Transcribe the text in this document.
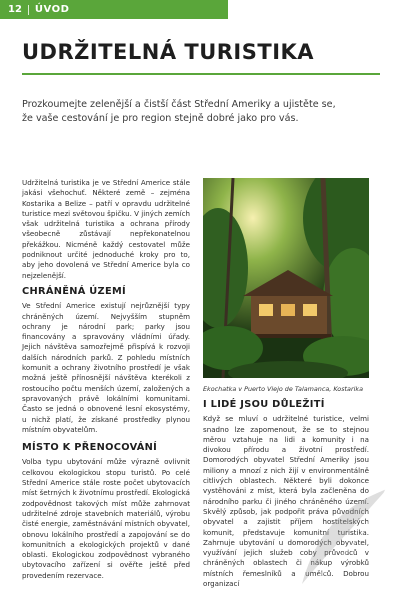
12 ÚVOD
UDRŽITELNÁ TURISTIKA

Prozkoumejte zelenější a čistší část Střední Ameriky a ujistěte se, že vaše cestování je pro region stejně dobré jako pro vás.

Udržitelná turistika je ve Střední Americe stále jakási všehochuť. Některé země – zejména Kostarika a Belize – patří v opravdu udržitelné turistice mezi světovou špičku. V jiných zemích však udržitelná turistika a ochrana přírody všeobecně zůstávají nepřekonatelnou překážkou. Nicméně každý cestovatel může podniknout určité jednoduché kroky pro to, aby jeho dovolená ve Střední Americe byla co nejzelenější.

CHRÁNĚNÁ ÚZEMÍ

Ve Střední Americe existují nejrůznější typy chráněných území. Nejvyšším stupněm ochrany je národní park; parky jsou financovány a spravovány vládními úřady. Jejich návštěva samozřejmě přispívá k rozvoji dalších národních parků. Z pohledu místních komunit a ochrany životního prostředí je však možná ještě přínosnější návštěva kterékoli z rostoucího počtu menších území, založených a spravovaných právě lokálními komunitami. Často se jedná o obnovené lesní ekosystémy, u nichž platí, že získané prostředky plynou místním obyvatelům.

MÍSTO K PŘENOCOVÁNÍ

Volba typu ubytování může výrazně ovlivnit celkovou ekologickou stopu turistů. Po celé Střední Americe stále roste počet ubytovacích míst šetrných k životnímu prostředí. Ekologická zodpovědnost takových míst může zahrnovat udržitelné zdroje stavebních materiálů, výrobu čisté energie, zaměstnávání místních obyvatel, obnovu lokálního prostředí a zapojování se do komunitních a ekologických projektů v dané oblasti. Ekologickou zodpovědnost vybraného ubytovacího zařízení si ověřte ještě před provedením rezervace.

Ekochatka v Puerto Viejo de Talamanca, Kostarika
I LIDÉ JSOU DŮLEŽITÍ

Když se mluví o udržitelné turistice, velmi snadno lze zapomenout, že se to stejnou měrou vztahuje na lidi a komunity i na divokou přírodu a životní prostředí. Domorodých obyvatel Střední Ameriky jsou miliony a mnozí z nich žijí v environmentálně citlivých oblastech. Některé byli dokonce vystěhováni z míst, která byla začleněna do národního parku či jiného chráněného území. Skvělý způsob, jak podpořit práva původních obyvatel a zajistit příjem hostitelských komunit, představuje komunitní turistika. Zahrnuje ubytování u domorodých obyvatel, využívání jejich služeb coby průvodců v chráněných oblastech či nákup výrobků místních řemeslníků a umělců. Dobrou organizací
